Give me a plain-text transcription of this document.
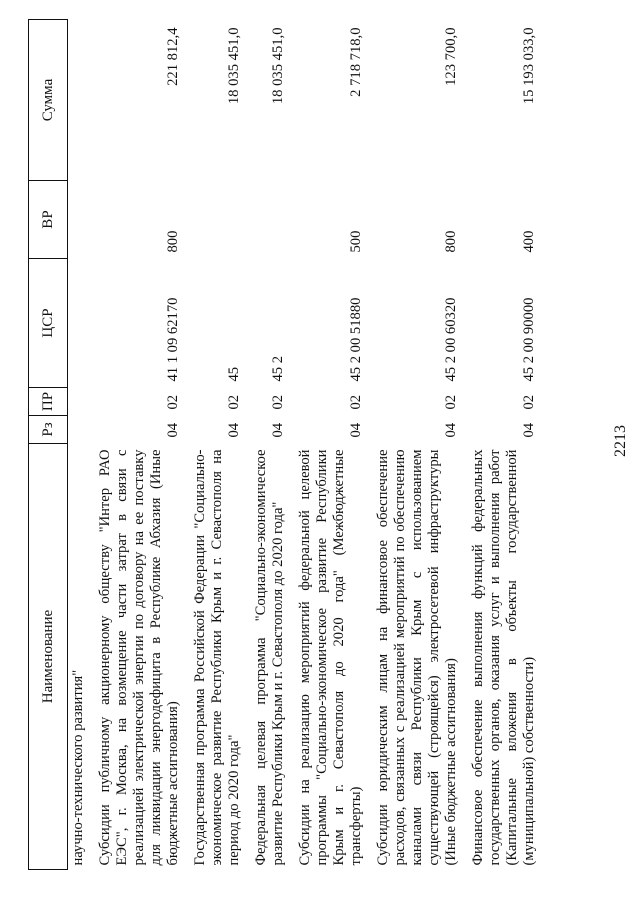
2213
Наименование	Рз	ПР	ЦСР	ВР	Сумма
научно-технического развития"					
Субсидии публичному акционерному обществу "Интер РАО ЕЭС", г. Москва, на возмещение части затрат в связи с реализацией электрической энергии по договору на ее поставку для ликвидации энергодефицита в Республике Абхазия (Иные бюджетные ассигнования)	04	02	41 1 09 62170	800	221 812,4
Государственная программа Российской Федерации "Социально-экономическое развитие Республики Крым и г. Севастополя на период до 2020 года"	04	02	45		18 035 451,0
Федеральная целевая программа "Социально-экономическое развитие Республики Крым и г. Севастополя до 2020 года"	04	02	45 2		18 035 451,0
Субсидии на реализацию мероприятий федеральной целевой программы "Социально-экономическое развитие Республики Крым и г. Севастополя до 2020 года" (Межбюджетные трансферты)	04	02	45 2 00 51880	500	2 718 718,0
Субсидии юридическим лицам на финансовое обеспечение расходов, связанных с реализацией мероприятий по обеспечению каналами связи Республики Крым с использованием существующей (строящейся) электросетевой инфраструктуры (Иные бюджетные ассигнования)	04	02	45 2 00 60320	800	123 700,0
Финансовое обеспечение выполнения функций федеральных государственных органов, оказания услуг и выполнения работ (Капитальные вложения в объекты государственной (муниципальной) собственности)	04	02	45 2 00 90000	400	15 193 033,0
